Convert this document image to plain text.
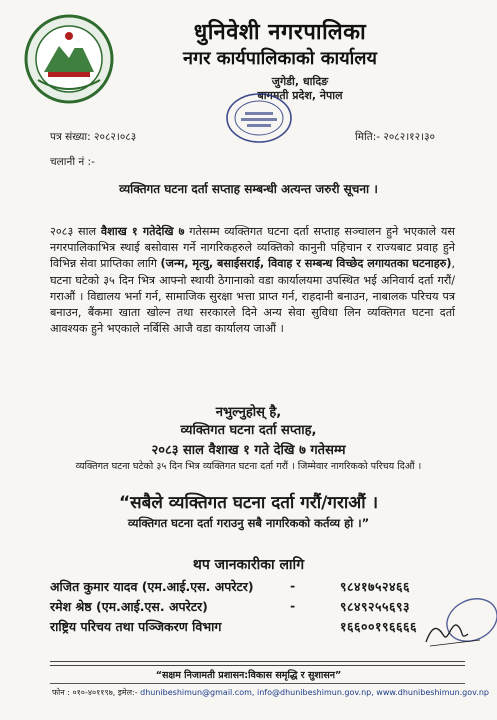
धुनिवेशी नगरपालिका
नगर कार्यपालिकाको कार्यालय
जुगेडी, धादिङ
बागमती प्रदेश, नेपाल
पत्र संख्या: २०८२।०८३	मिति:- २०८२।१२।३०
चलानी नं :-
व्यक्तिगत घटना दर्ता सप्ताह सम्बन्धी अत्यन्त जरुरी सूचना ।
२०८३ साल वैशाख १ गतेदेखि ७ गतेसम्म व्यक्तिगत घटना दर्ता सप्ताह सञ्चालन हुने भएकाले यस नगरपालिकाभित्र स्थाई बसोवास गर्ने नागरिकहरुले व्यक्तिको कानुनी पहिचान र राज्यबाट प्रवाह हुने विभिन्न सेवा प्राप्तिका लागि (जन्म, मृत्यु, बसाईसराई, विवाह र सम्बन्ध विच्छेद लगायतका घटनाहरु), घटना घटेको ३५ दिन भित्र आफ्नो स्थायी ठेगानाको वडा कार्यालयमा उपस्थित भई अनिवार्य दर्ता गरौं/गराऔं । विद्यालय भर्ना गर्न, सामाजिक सुरक्षा भत्ता प्राप्त गर्न, राहदानी बनाउन, नाबालक परिचय पत्र बनाउन, बैंकमा खाता खोल्न तथा सरकारले दिने अन्य सेवा सुविधा लिन व्यक्तिगत घटना दर्ता आवश्यक हुने भएकाले नर्बिसि आजै वडा कार्यालय जाऔं ।
नभुल्नुहोस् है,
व्यक्तिगत घटना दर्ता सप्ताह,
२०८३ साल वैशाख १ गते देखि ७ गतेसम्म
व्यक्तिगत घटना घटेको ३५ दिन भित्र व्यक्तिगत घटना दर्ता गरौं । जिम्मेवार नागरिकको परिचय दिऔं ।
“सबैले व्यक्तिगत घटना दर्ता गरौं/गराऔं ।
व्यक्तिगत घटना दर्ता गराउनु सबै नागरिकको कर्तव्य हो ।”
थप जानकारीका लागि
अजित कुमार यादव (एम.आई.एस. अपरेटर)	-	९८४१७५२४६६
रमेश श्रेष्ठ (एम.आई.एस. अपरेटर)	-	९८४९२५५६९३
राष्ट्रिय परिचय तथा पञ्जिकरण विभाग	१६६००१९६६६६
“सक्षम निजामती प्रशासन:विकास समृद्धि र सुशासन”
फोन : ०१०-४०११९७, इमेल:- dhunibeshimun@gmail.com, info@dhunibeshimun.gov.np, www.dhunibeshimun.gov.np
